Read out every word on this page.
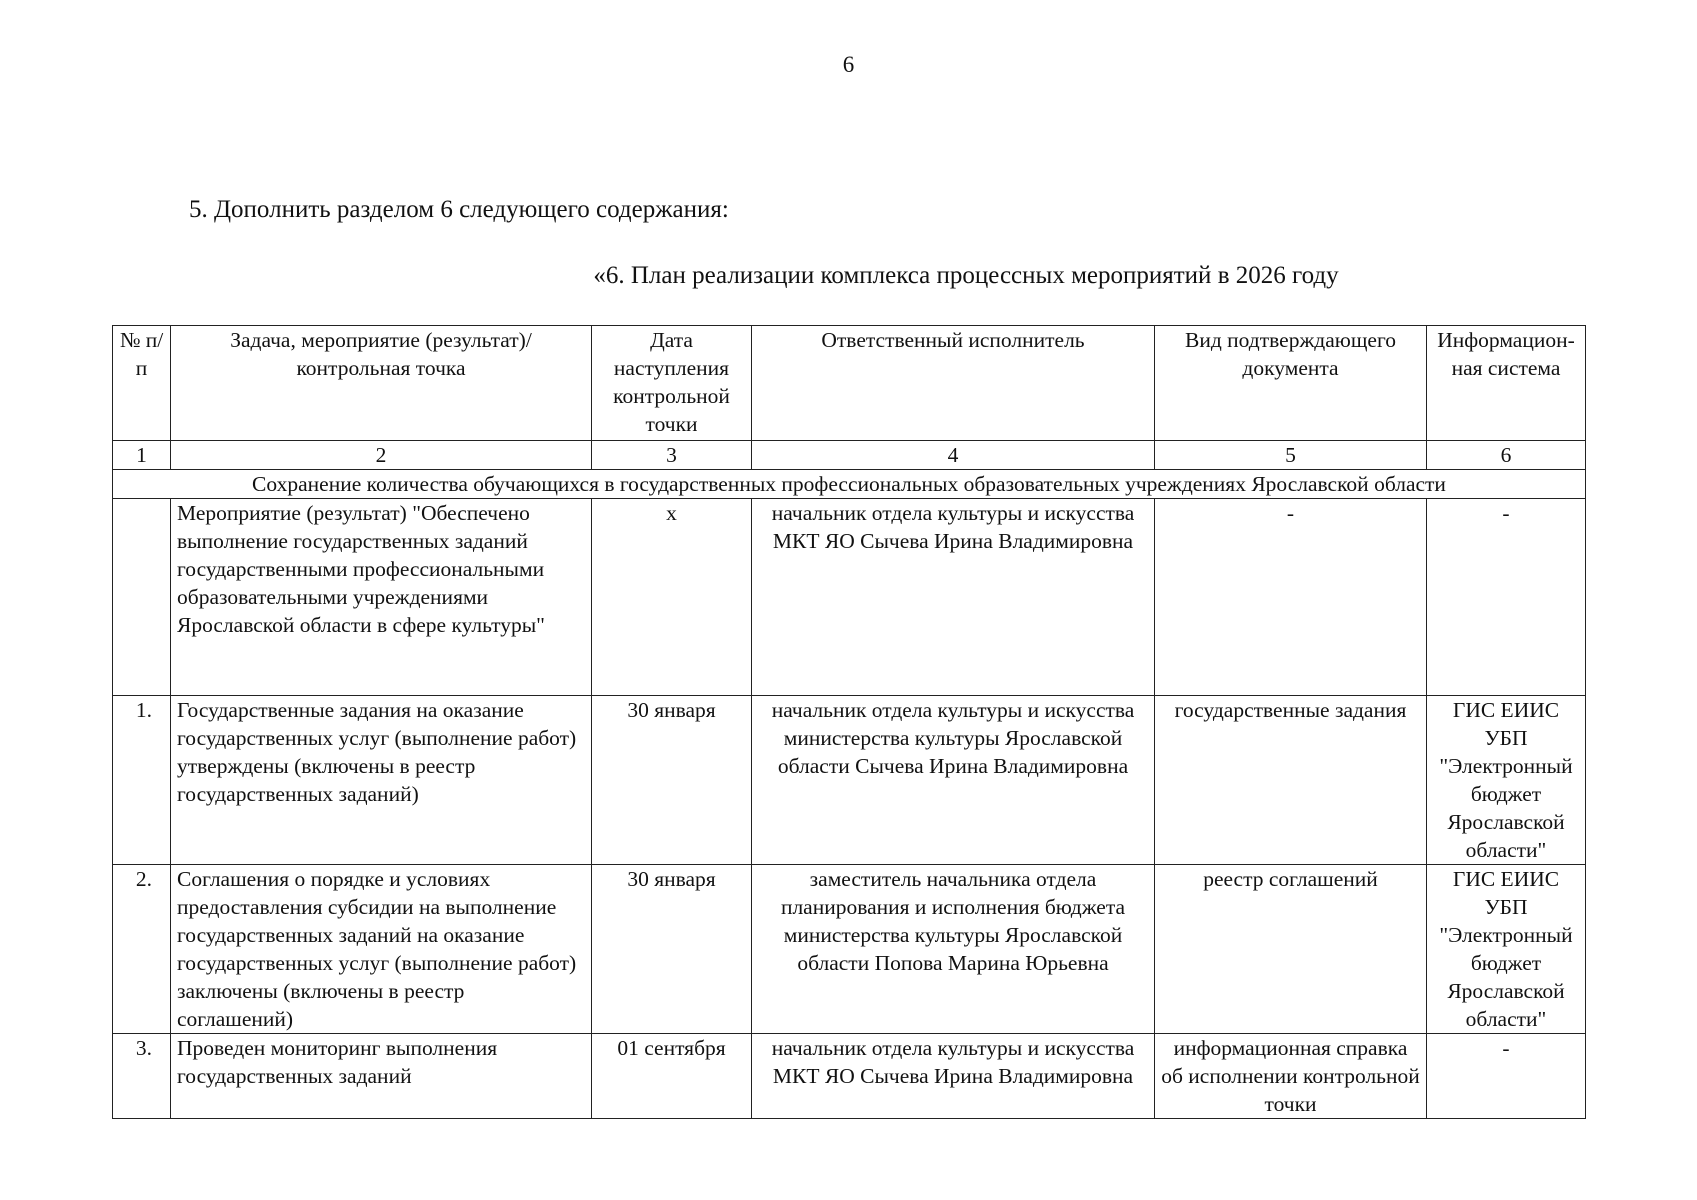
6
5. Дополнить разделом 6 следующего содержания:
«6. План реализации комплекса процессных мероприятий в 2026 году
№ п/п	Задача, мероприятие (результат)/ контрольная точка	Дата наступления контрольной точки	Ответственный исполнитель	Вид подтверждающего документа	Информацион-ная система
1	2	3	4	5	6
Сохранение количества обучающихся в государственных профессиональных образовательных учреждениях Ярославской области					
	Мероприятие (результат) "Обеспечено выполнение государственных заданий государственными профессиональными образовательными учреждениями Ярославской области в сфере культуры"	х	начальник отдела культуры и искусства МКТ ЯО Сычева Ирина Владимировна	-	-
1.	Государственные задания на оказание государственных услуг (выполнение работ) утверждены (включены в реестр государственных заданий)	30 января	начальник отдела культуры и искусства министерства культуры Ярославской области Сычева Ирина Владимировна	государственные задания	ГИС ЕИИС УБП "Электронный бюджет Ярославской области"
2.	Соглашения о порядке и условиях предоставления субсидии на выполнение государственных заданий на оказание государственных услуг (выполнение работ) заключены (включены в реестр соглашений)	30 января	заместитель начальника отдела планирования и исполнения бюджета министерства культуры Ярославской области Попова Марина Юрьевна	реестр соглашений	ГИС ЕИИС УБП "Электронный бюджет Ярославской области"
3.	Проведен мониторинг выполнения государственных заданий	01 сентября	начальник отдела культуры и искусства МКТ ЯО Сычева Ирина Владимировна	информационная справка об исполнении контрольной точки	-
